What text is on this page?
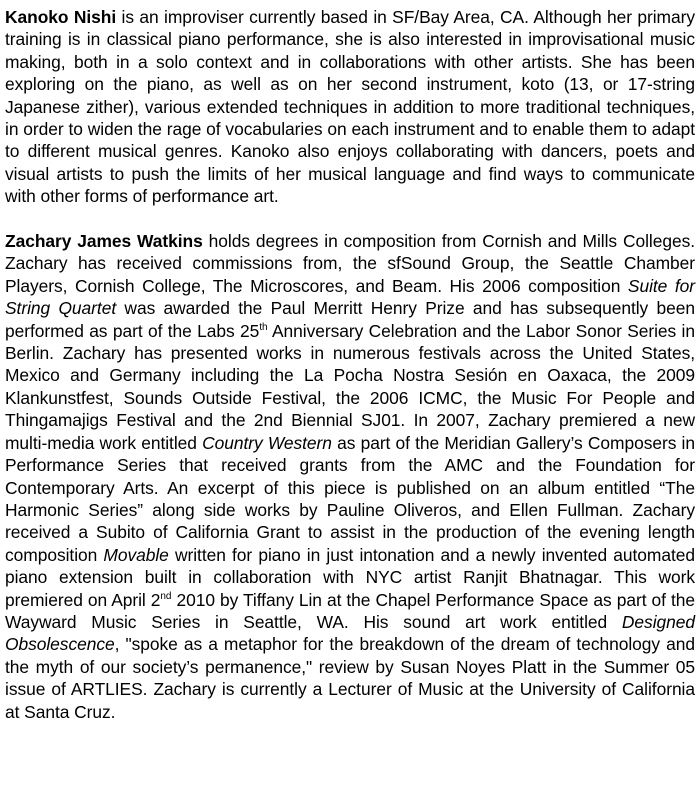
Kanoko Nishi is an improviser currently based in SF/Bay Area, CA. Although her primary training is in classical piano performance, she is also interested in improvisational music making, both in a solo context and in collaborations with other artists. She has been exploring on the piano, as well as on her second instrument, koto (13, or 17-string Japanese zither), various extended techniques in addition to more traditional techniques, in order to widen the rage of vocabularies on each instrument and to enable them to adapt to different musical genres. Kanoko also enjoys collaborating with dancers, poets and visual artists to push the limits of her musical language and find ways to communicate with other forms of performance art.

Zachary James Watkins holds degrees in composition from Cornish and Mills Colleges. Zachary has received commissions from, the sfSound Group, the Seattle Chamber Players, Cornish College, The Microscores, and Beam. His 2006 composition Suite for String Quartet was awarded the Paul Merritt Henry Prize and has subsequently been performed as part of the Labs 25th Anniversary Celebration and the Labor Sonor Series in Berlin. Zachary has presented works in numerous festivals across the United States, Mexico and Germany including the La Pocha Nostra Sesión en Oaxaca, the 2009 Klankunstfest, Sounds Outside Festival, the 2006 ICMC, the Music For People and Thingamajigs Festival and the 2nd Biennial SJ01. In 2007, Zachary premiered a new multi-media work entitled Country Western as part of the Meridian Gallery’s Composers in Performance Series that received grants from the AMC and the Foundation for Contemporary Arts. An excerpt of this piece is published on an album entitled “The Harmonic Series” along side works by Pauline Oliveros, and Ellen Fullman. Zachary received a Subito of California Grant to assist in the production of the evening length composition Movable written for piano in just intonation and a newly invented automated piano extension built in collaboration with NYC artist Ranjit Bhatnagar. This work premiered on April 2nd 2010 by Tiffany Lin at the Chapel Performance Space as part of the Wayward Music Series in Seattle, WA. His sound art work entitled Designed Obsolescence, "spoke as a metaphor for the breakdown of the dream of technology and the myth of our society’s permanence," review by Susan Noyes Platt in the Summer 05 issue of ARTLIES. Zachary is currently a Lecturer of Music at the University of California at Santa Cruz.
